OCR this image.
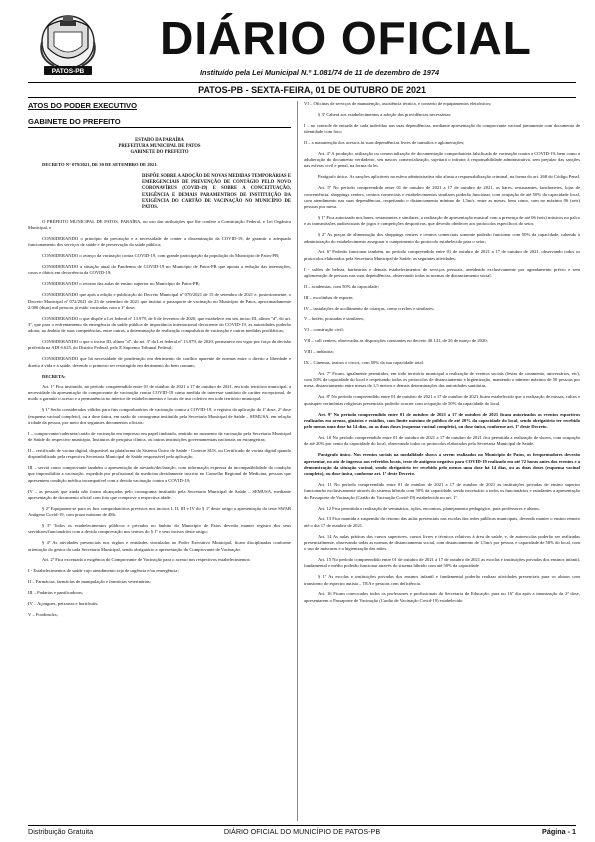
PATOS-PB
DIÁRIO OFICIAL
Instituído pela Lei Municipal N.º 1.081/74 de 11 de dezembro de 1974
PATOS-PB - SEXTA-FEIRA, 01 DE OUTUBRO DE 2021
ATOS DO PODER EXECUTIVO
GABINETE DO PREFEITO
ESTADO DA PARAÍBA
PREFEITURA MUNICIPAL DE PATOS
GABINETE DO PREFEITO
DECRETO N° 079/2021, DE 30 DE SETEMBRO DE 2021.
DISPÕE SOBRE A ADOÇÃO DE NOVAS MEDIDAS TEMPORÁRIAS E EMERGENCIAIS DE PREVENÇÃO DE CONTÁGIO PELO NOVO CORONAVÍRUS (COVID-19) E SOBRE A CONCEITUAÇÃO, EXIGÊNCIA E DEMAIS PARAMENTROS DE INSTITUIÇÃO DA EXIGÊNCIA DO CARTÃO DE VACINAÇÃO NO MUNICÍPIO DE PATOS.

O PREFEITO MUNICIPAL DE PATOS, PARAÍBA, no uso das atribuições que lhe confere a Constituição Federal, e Lei Orgânica Municipal, e

CONSIDERANDO o princípio da precaução e a necessidade de conter a disseminação da COVID-19, de garantir o adequado funcionamento dos serviços de saúde e de preservação da saúde pública;

CONSIDERANDO o avanço da vacinação contra COVID-19, com grande participação da população do Município de Patos-PB;

CONSIDERANDO a situação atual da Pandemia de COVID-19 no Município de Patos-PB que aponta a redução das internações, casos e óbitos em decorrência da COVID-19;

CONSIDERANDO o retorno das aulas de ensino superior no Município de Patos-PB;

CONSIDERANDO que após a edição e publicação do Decreto Municipal nº 070/2021 de 15 de setembro de 2021 e, posteriormente, o Decreto Municipal nº 072/2021 de 23 de setembro de 2021 que institui o passaporte de vacinação no Município de Patos, aproximadamente 2.000 (duas) mil pessoas já estão vacinadas com a 1ª dose;

CONSIDERANDO o que dispõe a Lei federal nº 13.979, de 6 de fevereiro de 2020, que estabelece em seu inciso III, alínea "d", do art. 3º, que para o enfrentamento da emergência da saúde pública de importância internacional decorrente do COVID-19, as autoridades poderão adotar, no âmbito de suas competências, entre outras, a determinação de realização compulsória de vacinação e outras medidas profiláticas;

CONSIDERANDO o que o inciso III, alínea "d", do art. 3º da Lei federal nº 13.979, de 2020, permanece em vigor por força da decisão proferida na ADI 6.625, do Distrito Federal, pelo E.Supremo Tribunal Federal;

CONSIDERANDO que há necessidade de ponderação em detrimento do conflito aparente de normas entre o direito a liberdade e direito à vida e à saúde, devendo o primeiro ser restringido em detrimento do bem comum;

DECRETA:

Art. 1º Fica instituído, no período compreendido entre 01 de outubro de 2021 a 17 de outubro de 2021, em todo território municipal, a necessidade da apresentação do comprovante de vacinação contra COVID-19 como medida de interesse sanitário de caráter excepcional, de modo a garantir o acesso e a permanência no interior de estabelecimentos e locais de uso coletivo em todo território municipal.

§ 1º Serão considerados válidos para fins comprobatórios de vacinação contra a COVID-19, o registro da aplicação da 1ª dose, 2ª dose (esquema vacinal completo), ou a dose única, em razão do cronograma instituído pela Secretaria Municipal de Saúde – SEMUSA, em relação à idade da pessoa, por meio dos seguintes documentos oficiais:

I – comprovante/caderneta/cartão de vacinação em impresso em papel timbrado, emitido no momento da vacinação pela Secretaria Municipal de Saúde do respectivo município, Institutos de pesquisa clínica, ou outras instituições governamentais nacionais ou estrangeiras;

II – certificado de vacina digital, disponível na plataforma do Sistema Único de Saúde - Conecte SUS, ou Certificado de vacina digital quando disponibilizado pela respectiva Secretaria Municipal de Saúde responsável pela aplicação.

III – serviá como comprovante também o apresentação de atestado/declaração, com informação expressa da incompatibilidade da condição que impossibilita a vacinação, expedida por profissional da medicina devidamente inscrito no Conselho Regional de Medicina, pessoas que apresentem condição médica incompatível com a devida vacinação contra a COVID-19;

IV – as pessoas que ainda não foram alcançadas pelo cronograma instituído pela Secretaria Municipal de Saúde – SEMUSA, mediante apresentação de documento oficial com foto que comprove a respectiva idade.

§ 2º Equiparam-se para os fins comprobatórios previstos nos incisos I, II, III e IV do § 1º deste artigo a apresentação do teste SWAB Antígeno Covid-19, com prazo máximo de 48h.

§ 3º Todos os estabelecimentos públicos e privados no âmbito do Município de Patos deverão manter registro dos seus servidores/funcionários com a devida comprovação nos termos do § 1º e seus incisos deste artigo;

§ 4º As atividades presenciais nos órgãos e entidades vinculadas ao Poder Executivo Municipal, ficam disciplinadas conforme orientação do gestor da cada Secretaria Municipal, sendo obrigatório a apresentação do Comprovante de Vacinação.

Art. 2º Fica excetuada a exigência do Comprovante de Vacinação para o acesso nos respectivos estabelecimentos:

I - Estabelecimentos de saúde cujo atendimento seja de urgência e/ou emergência;

II – Farmácias, farmácias de manipulação e farmácias veterinárias;

III – Padarias e panificadoras;

IV – Açougues, peixarias e hortifrutis;

V – Foodtrucks;

VI – Oficinas de serviços de manutenção, assistência técnica, e conserto de equipamentos eletrônicos;

§ 3º Caberá aos estabelecimentos a adoção das providências necessárias:

I – no controle de entrada de cada indivíduo nas suas dependências, mediante apresentação do comprovante vacinal juntamente com documento de identidade com foto;

II – a manutenção dos acessos às suas dependências livres de tumultos e aglomerações;

Art. 4º A produção, utilização ou comercialização de documentação comprobatória falsificada de vacinação contra a COVID-19, bem como a adulteração do documento verdadeiro, seu nascos comercialização, sujeitará o infrator à responsabilidade administrativa, sem prejuízo das sanções nas esferas civil e penal, na forma da lei.

Parágrafo único. As sanções aplicáveis na esfera administrativa não afasta a responsabilização criminal, na forma do art. 268 do Código Penal.

Art. 5º No período compreendido entre 01 de outubro de 2021 a 17 de outubro de 2021, os bares, restaurantes, lanchonetes, lojas de conveniência, shoppings centers, centros comerciais e estabelecimentos similares poderão funcionar, com ocupação de até 50% da capacidade local, com atendimento nas suas dependências, respeitando o distanciamento mínimo de 1,5m/s. entre as mesas, bem como, com no máximo 06 (seis) pessoas por mesa.

§ 1º Fica autorizado nos bares, restaurantes e similares, a realização de apresentação musical com a presença de até 06 (seis) músicos no palco e as transmissões audiovisuais de jogos e competições desportivas, que deverão obedecer aos protocolos específicos do setor.

§ 2º As praças de alimentação dos shoppings centers e centros comerciais somente poderão funcionar com 50% da capacidade, cabendo à administração do estabelecimento assegurar o cumprimento do protocolo estabelecido para o setor;

Art. 6º Poderão funcionar também, no período compreendido entre 01 de outubro de 2021 a 17 de outubro de 2021, observando todos os protocolos elaborados pela Secretaria Municipal de Saúde, as seguintes atividades:

I - salões de beleza, barbearias e demais estabelecimentos de serviços pessoais, atendendo exclusivamente por agendamento prévio e sem aglomeração de pessoas nas suas dependências, observando todas as normas de distanciamento social.

II – academias, com 50% da capacidade;

III – escolinhas de esporte;

IV – instalações de acolhimento de crianças, como creches e similares;

V – hotéis, pousadas e similares;

VI – construção civil;

VII – call centers, observadas as disposições constantes no decreto 40.141, de 26 de março de 2020;

VIII – indústria;

IX – Cinemas, teatros e circos, com 50% da sua capacidade total.

Art. 7º Ficam, igualmente permitidos, em todo território municipal a realização de eventos sociais (festas de casamento, aniversários, etc), com 50% da capacidade do local e respeitando todos os protocolos de distanciamento e higienização, mantendo o número máximo de 50 pessoas por mesa, distanciamento entre mesas de 1,5 metros e demais determinações das autoridades sanitárias.

Art. 8º No período compreendido entre 01 de outubro de 2021 a 17 de outubro de 2021 ficam estabelecido que a realização de missas, cultos e quaisquer cerimônias religiosas presenciais poderão ocorrer com ocupação de 50% da capacidade do local.

Art. 9º No período compreendido entre 01 de outubro de 2021 a 17 de outubro de 2021 ficam autorizados os eventos esportivos realizados em arenas, ginásios e estádios, com limite máximo de público de até 20% da capacidade do local, sendo obrigatório ter recebido pelo menos uma dose há 14 dias, ou as duas doses (esquema vacinal completo), ou dose única, conforme art. 1º deste Decreto.

Art. 10 No período compreendido entre 01 de outubro de 2021 a 17 de outubro de 2021 fica permitida a realização de shows, com ocupação de até 20% por cento da capacidade do local, observando todos os protocolos elaborados pela Secretaria Municipal de Saúde.

Parágrafo único. Nos eventos sociais na modalidade shows a serem realizados no Município de Patos, os frequentadores deverão apresentar, no ato de ingresso aos referidos locais, teste de antígeno negativo para COVID-19 realizado em até 72 horas antes dos eventos e a demonstração da situação vacinal, sendo obrigatório ter recebido pelo menos uma dose há 14 dias, ou as duas doses (esquema vacinal completo), ou dose única, conforme art. 1º deste Decreto.

Art. 11 No período compreendido entre 01 de outubro de 2021 a 17 de outubro de 2021 as instituições privadas de ensino superior funcionarão exclusivamente através do sistema híbrido com 50% da capacidade, sendo necessário a todos os funcionários e estudantes a apresentação do Passaporte de Vacinação (Cartão de Vacinação Covid-19) estabelecido no art. 1º.

Art. 12 Fica permitida a realização de seminários, ações, encontros, planejamento pedagógico, para professores e alunos.

Art. 13 Fica mantida a suspensão do retorno das aulas presenciais nas escolas das redes públicas municipais, devendo manter o ensino remoto até o dia 17 de outubro de 2021.

Art. 14 As aulas práticas dos cursos superiores, cursos livres e técnicos relativos à área de saúde, e, de autoescolas poderão ser realizadas presencialmente, observando todas as normas de distanciamento social, com distanciamento de 1,5m/s por pessoa, e capacidade de 50% do local, com o uso de máscaras e a higienização das mãos.

Art. 15 No período compreendido entre 01 de outubro de 2021 a 17 de outubro de 2021 as escolas e instituições privadas dos ensinos infantil, fundamental e médio poderão funcionar através do sistema híbrido com até 50% da capacidade

§ 1º As escolas e instituições privadas dos ensinos infantil e fundamental poderão realizar atividades presenciais para os alunos com transtorno do espectro autista – TEA e pessoas com deficiência.

Art. 16 Ficam convocados todos os professores e profissionais da Secretaria de Educação, para no 16º dia após a imunização da 2ª dose, apresentarem o Passaporte de Vacinação (Cartão de Vacinação Covid-19) estabelecido

Distribuição Gratuita	DIÁRIO OFICIAL DO MUNICÍPIO DE PATOS-PB	Página - 1
